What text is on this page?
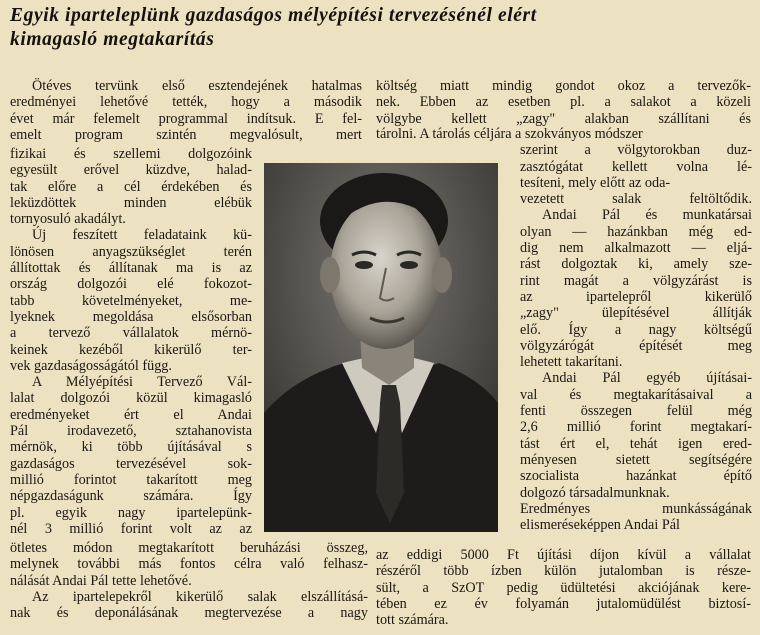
Egyik iparteleplünk gazdaságos mélyépítési tervezésénél elért
kimagasló megtakarítás
Ötéves tervünk első esztendejének hatalmas
eredményei lehetővé tették, hogy a második
évet már felemelt programmal indítsuk. E fel-
emelt program szintén megvalósult, mert
fizikai és szellemi dolgozóink
egyesült erővel küzdve, halad-
tak előre a cél érdekében és
leküzdöttek minden elébük
tornyosuló akadályt.
Új feszített feladataink kü-
lönösen anyagszükséglet terén
állítottak és állítanak ma is az
ország dolgozói elé fokozot-
tabb követelményeket, me-
lyeknek megoldása elsősorban
a tervező vállalatok mérnö-
keinek kezéből kikerülő ter-
vek gazdaságosságától függ.
A Mélyépítési Tervező Vál-
lalat dolgozói közül kimagasló
eredményeket ért el Andai
Pál irodavezető, sztahanovista
mérnök, ki több újításával s
gazdaságos tervezésével sok-
millió forintot takarított meg
népgazdaságunk számára. Így
pl. egyik nagy ipartelepünk-
nél 3 millió forint volt az az
ötletes módon megtakarított beruházási összeg,
melynek további más fontos célra való felhasz-
nálását Andai Pál tette lehetővé.
Az ipartelepekről kikerülő salak elszállításá-
nak és deponálásának megtervezése a nagy
költség miatt mindig gondot okoz a tervezők-
nek. Ebben az esetben pl. a salakot a közeli
völgybe kellett „zagy" alakban szállítani és
tárolni. A tárolás céljára a szokványos módszer
szerint a völgytorokban duz-
zasztógátat kellett volna lé-
tesíteni, mely előtt az oda-
vezetett salak feltöltődik.
Andai Pál és munkatársai
olyan — hazánkban még ed-
dig nem alkalmazott — eljá-
rást dolgoztak ki, amely sze-
rint magát a völgyzárást is
az ipartelepről kikerülő
„zagy" ülepítésével állítják
elő. Így a nagy költségű
völgyzárógát építését meg
lehetett takarítani.
Andai Pál egyéb újításai-
val és megtakarításaival a
fenti összegen felül még
2,6 millió forint megtakarí-
tást ért el, tehát igen ered-
ményesen sietett segítségére
szocialista hazánkat építő
dolgozó társadalmunknak.
Eredményes munkásságának
elismeréseképpen Andai Pál
az eddigi 5000 Ft újítási díjon kívül a vállalat
részéről több ízben külön jutalomban is része-
sült, a SzOT pedig üdültetési akciójának kere-
tében ez év folyamán jutalomüdülést biztosí-
tott számára.
